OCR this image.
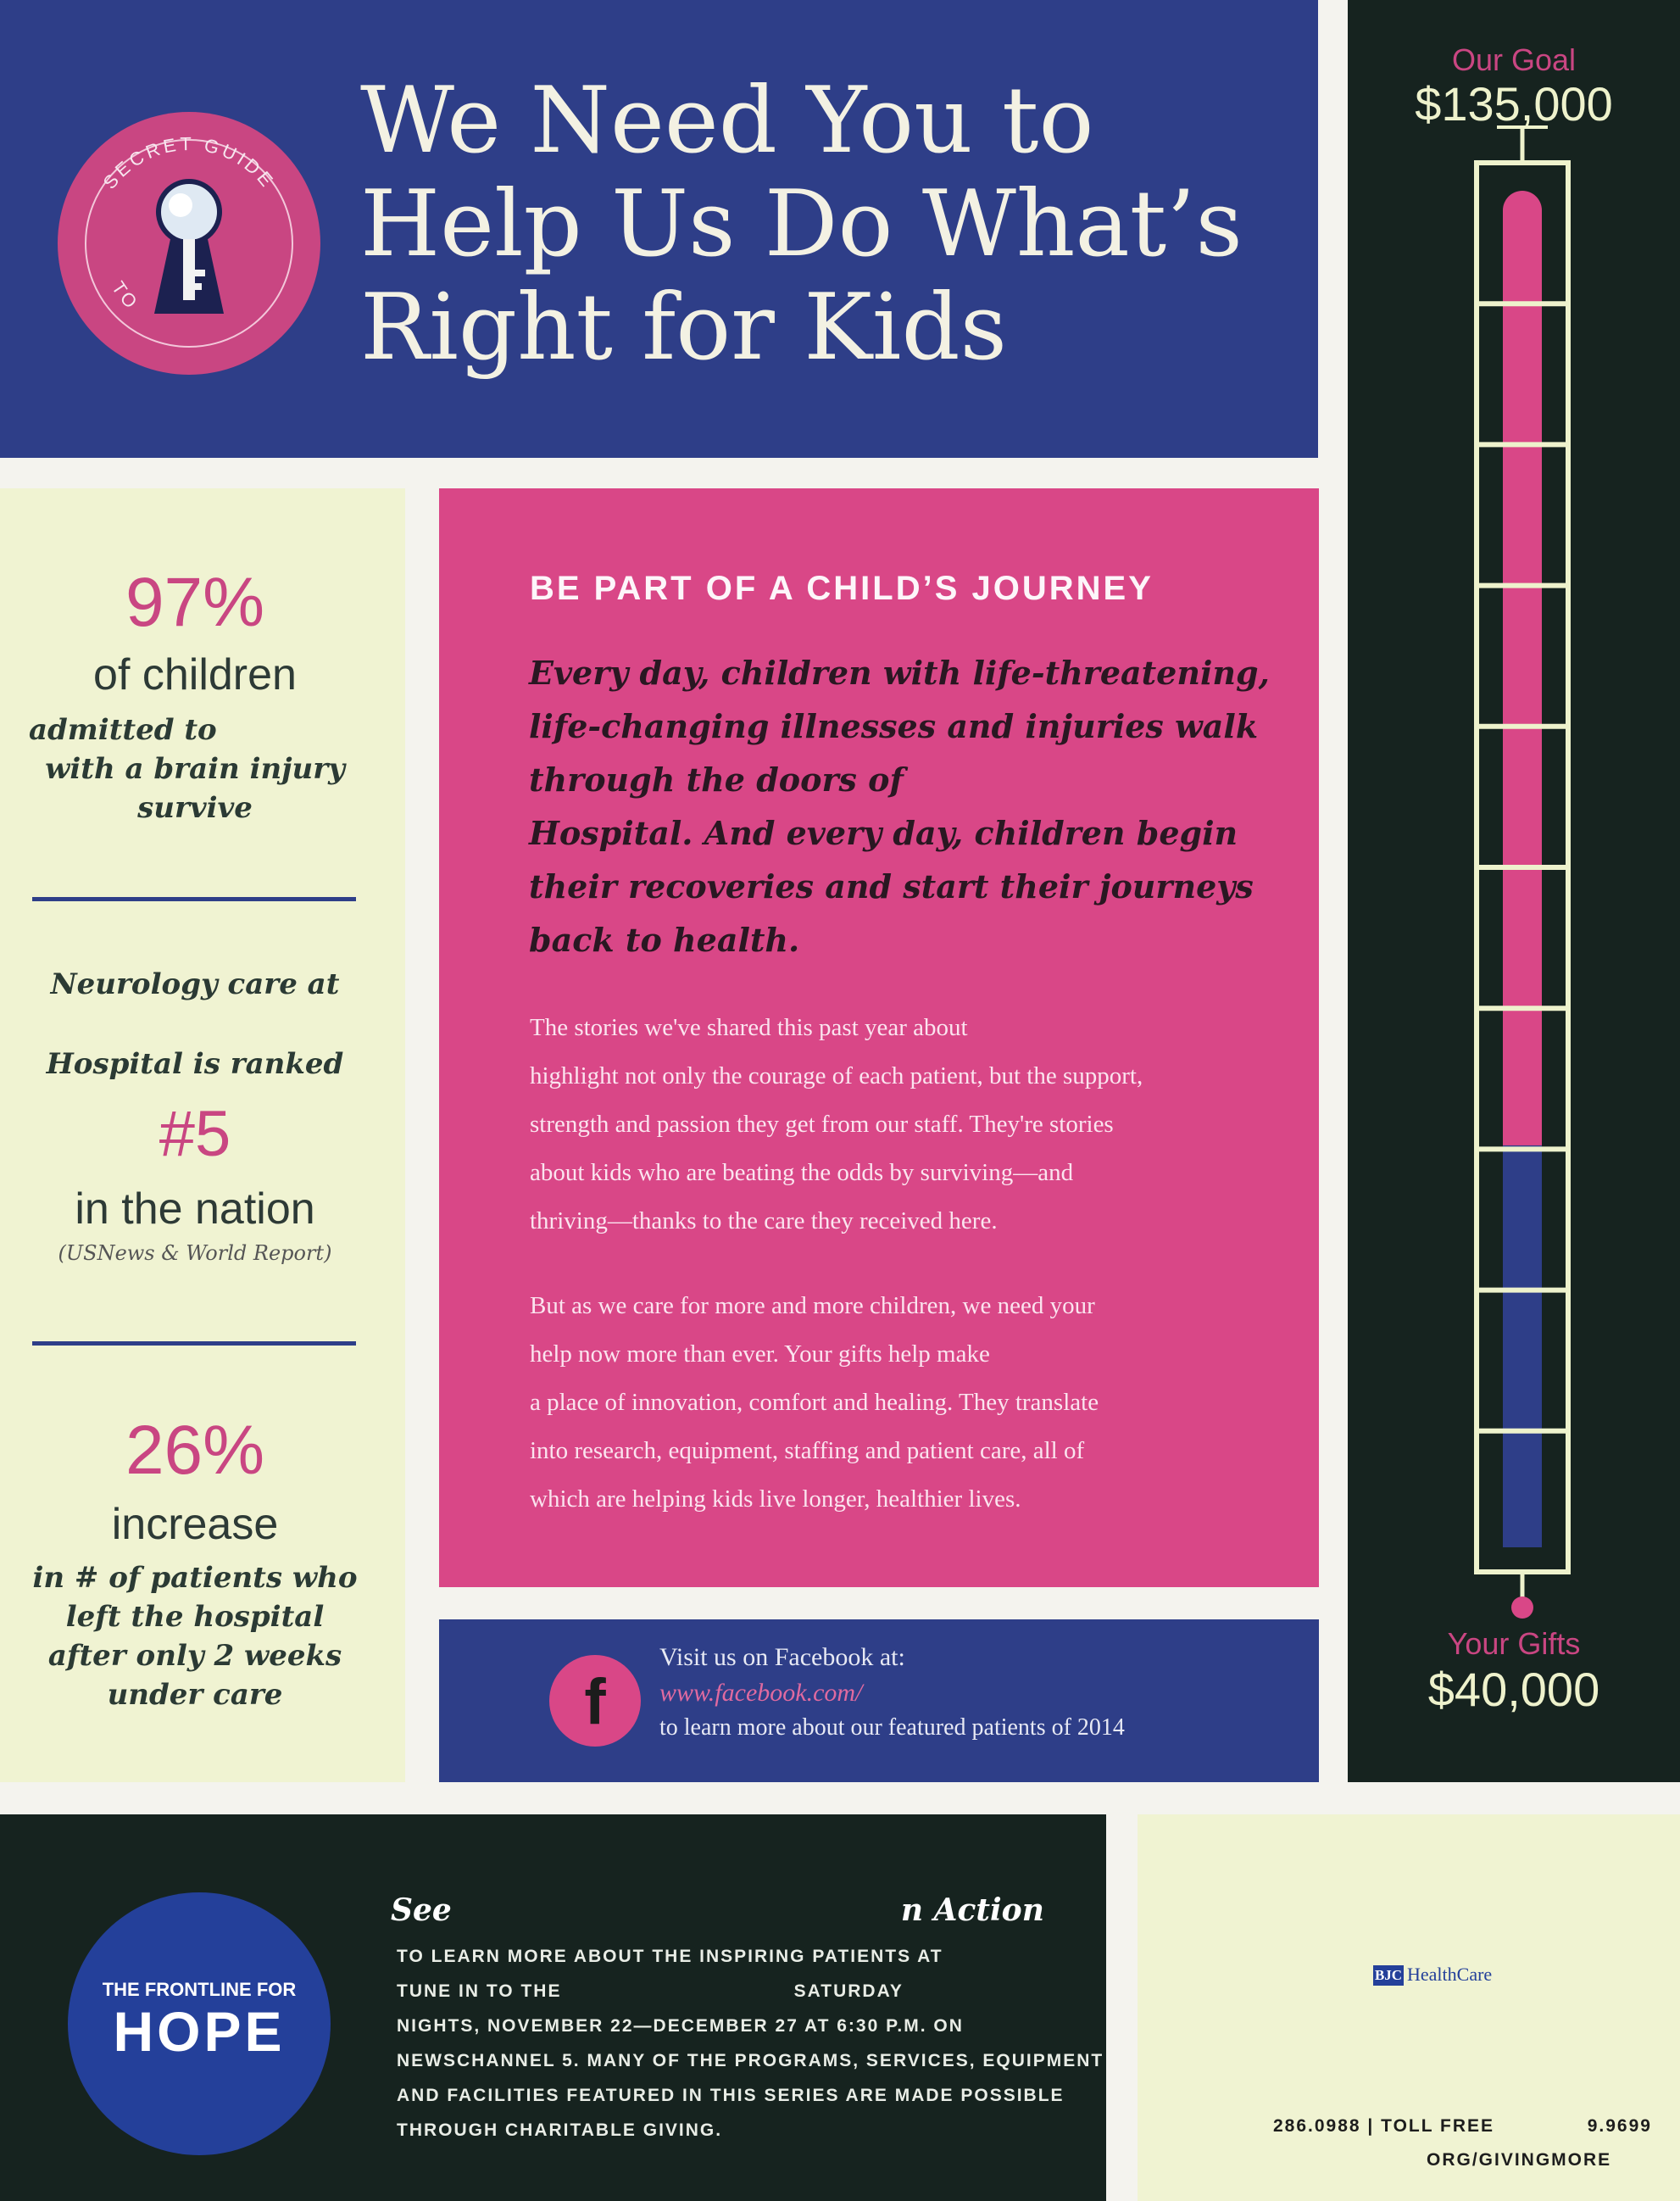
SECRET GUIDE
TO
We Need You to
Help Us Do What’s
Right for Kids
Our Goal
$135,000
Your Gifts
$40,000
97%
of children
admitted to
with a brain injury
survive
Neurology care at
Hospital is ranked
#5
in the nation
(USNews & World Report)
26%
increase
in # of patients who
left the hospital
after only 2 weeks
under care
BE PART OF A CHILD’S JOURNEY
Every day, children with life-threatening,
life-changing illnesses and injuries walk
through the doors of
Hospital. And every day, children begin
their recoveries and start their journeys
back to health.
The stories we've shared this past year about
highlight not only the courage of each patient, but the support,
strength and passion they get from our staff. They're stories
about kids who are beating the odds by surviving—and
thriving—thanks to the care they received here.
But as we care for more and more children, we need your
help now more than ever. Your gifts help make
a place of innovation, comfort and healing. They translate
into research, equipment, staffing and patient care, all of
which are helping kids live longer, healthier lives.
f
Visit us on Facebook at:
www.facebook.com/
to learn more about our featured patients of 2014
THE FRONTLINE FOR
HOPE
See	n Action
TO LEARN MORE ABOUT THE INSPIRING PATIENTS AT
TUNE IN TO THE                                   SATURDAY
NIGHTS, NOVEMBER 22—DECEMBER 27 AT 6:30 P.M. ON
NEWSCHANNEL 5. MANY OF THE PROGRAMS, SERVICES, EQUIPMENT
AND FACILITIES FEATURED IN THIS SERIES ARE MADE POSSIBLE
THROUGH CHARITABLE GIVING.
BJC HealthCare
286.0988 | TOLL FREE              9.9699
ORG/GIVINGMORE
